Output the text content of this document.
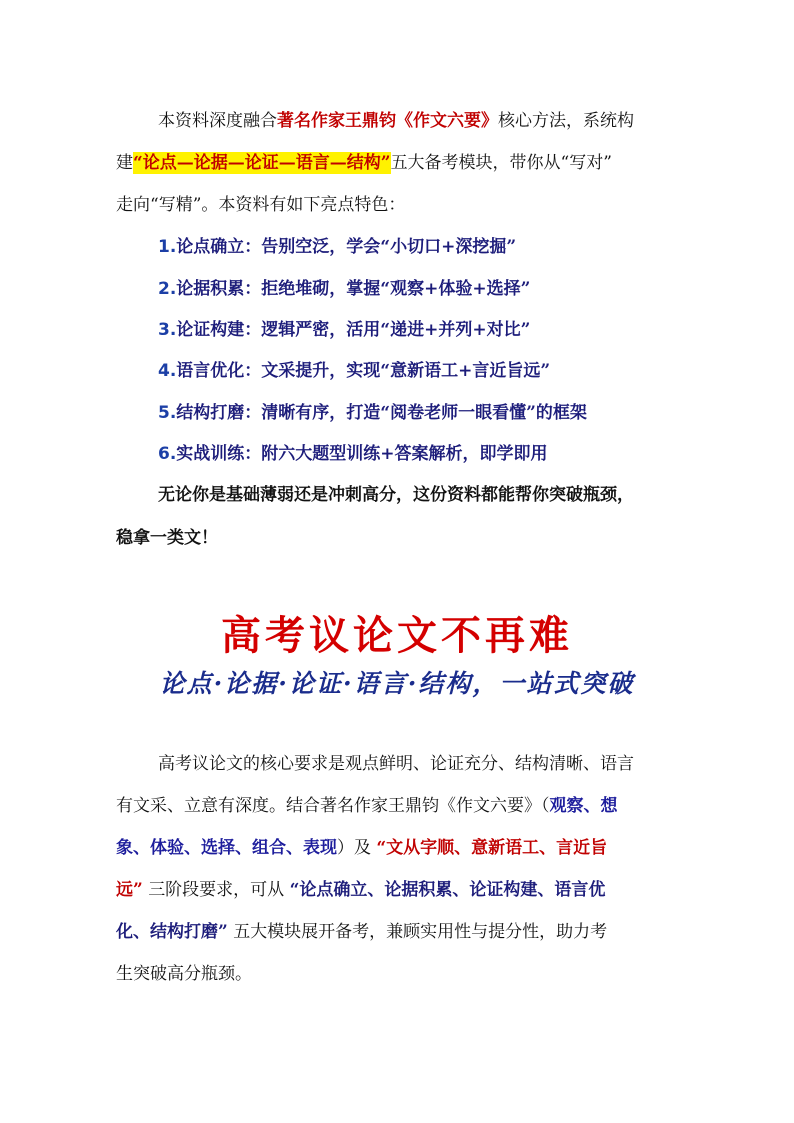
本资料深度融合著名作家王鼎钧《作文六要》核心方法，系统构
建“论点—论据—论证—语言—结构”五大备考模块，带你从“写对”
走向“写精”。本资料有如下亮点特色：
1.论点确立：告别空泛，学会“小切口+深挖掘”
2.论据积累：拒绝堆砌，掌握“观察+体验+选择”
3.论证构建：逻辑严密，活用“递进+并列+对比”
4.语言优化：文采提升，实现“意新语工+言近旨远”
5.结构打磨：清晰有序，打造“阅卷老师一眼看懂”的框架
6.实战训练：附六大题型训练+答案解析，即学即用
无论你是基础薄弱还是冲刺高分，这份资料都能帮你突破瓶颈，
稳拿一类文！
高考议论文不再难
论点·论据·论证·语言·结构，一站式突破
高考议论文的核心要求是观点鲜明、论证充分、结构清晰、语言
有文采、立意有深度。结合著名作家王鼎钧《作文六要》（观察、想
象、体验、选择、组合、表现）及 “文从字顺、意新语工、言近旨
远” 三阶段要求，可从 “论点确立、论据积累、论证构建、语言优
化、结构打磨” 五大模块展开备考，兼顾实用性与提分性，助力考
生突破高分瓶颈。
